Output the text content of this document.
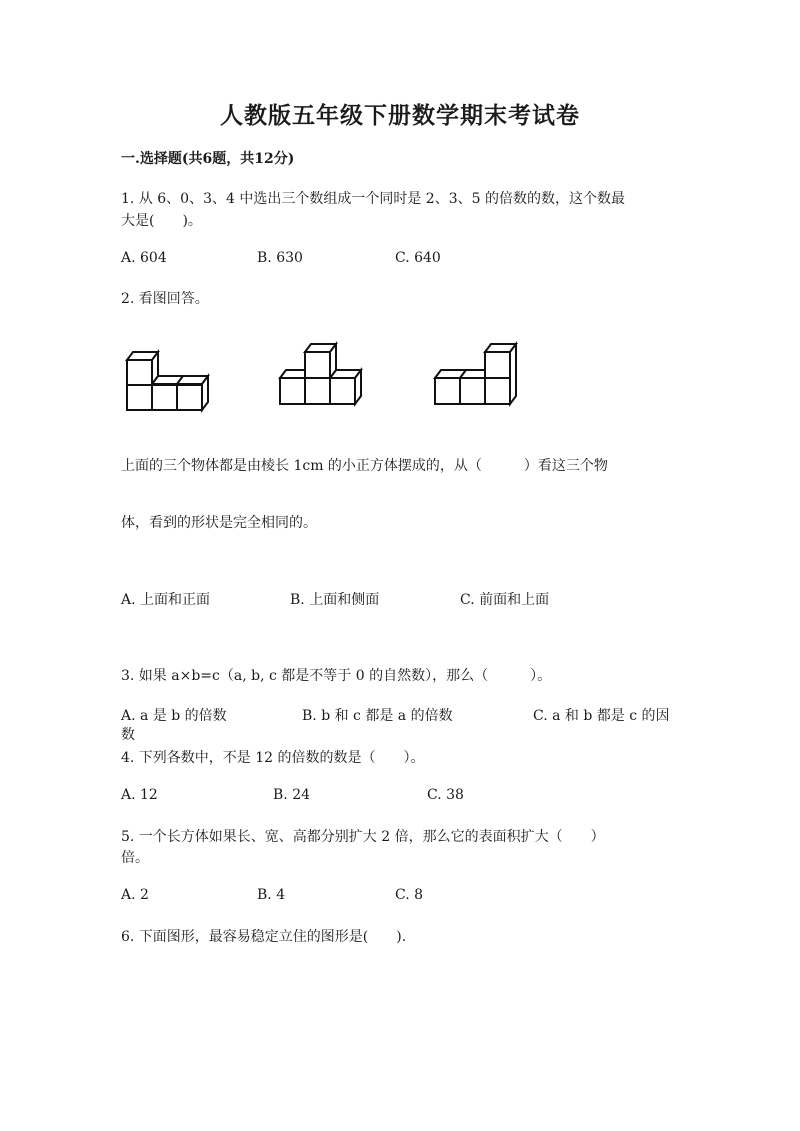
人教版五年级下册数学期末考试卷
一.选择题(共6题，共12分)
1. 从 6、0、3、4 中选出三个数组成一个同时是 2、3、5 的倍数的数，这个数最
大是(　　)。
A. 604	B. 630	C. 640
2. 看图回答。
上面的三个物体都是由棱长 1cm 的小正方体摆成的，从（　　　）看这三个物
体，看到的形状是完全相同的。
A. 上面和正面	B. 上面和侧面	C. 前面和上面
3. 如果 a×b=c（a, b, c 都是不等于 0 的自然数），那么（　　　）。
A. a 是 b 的倍数	B. b 和 c 都是 a 的倍数	C. a 和 b 都是 c 的因
数
4. 下列各数中，不是 12 的倍数的数是（　　）。
A. 12	B. 24	C. 38
5. 一个长方体如果长、宽、高都分别扩大 2 倍，那么它的表面积扩大（　　）
倍。
A. 2	B. 4	C. 8
6. 下面图形，最容易稳定立住的图形是(　　).
